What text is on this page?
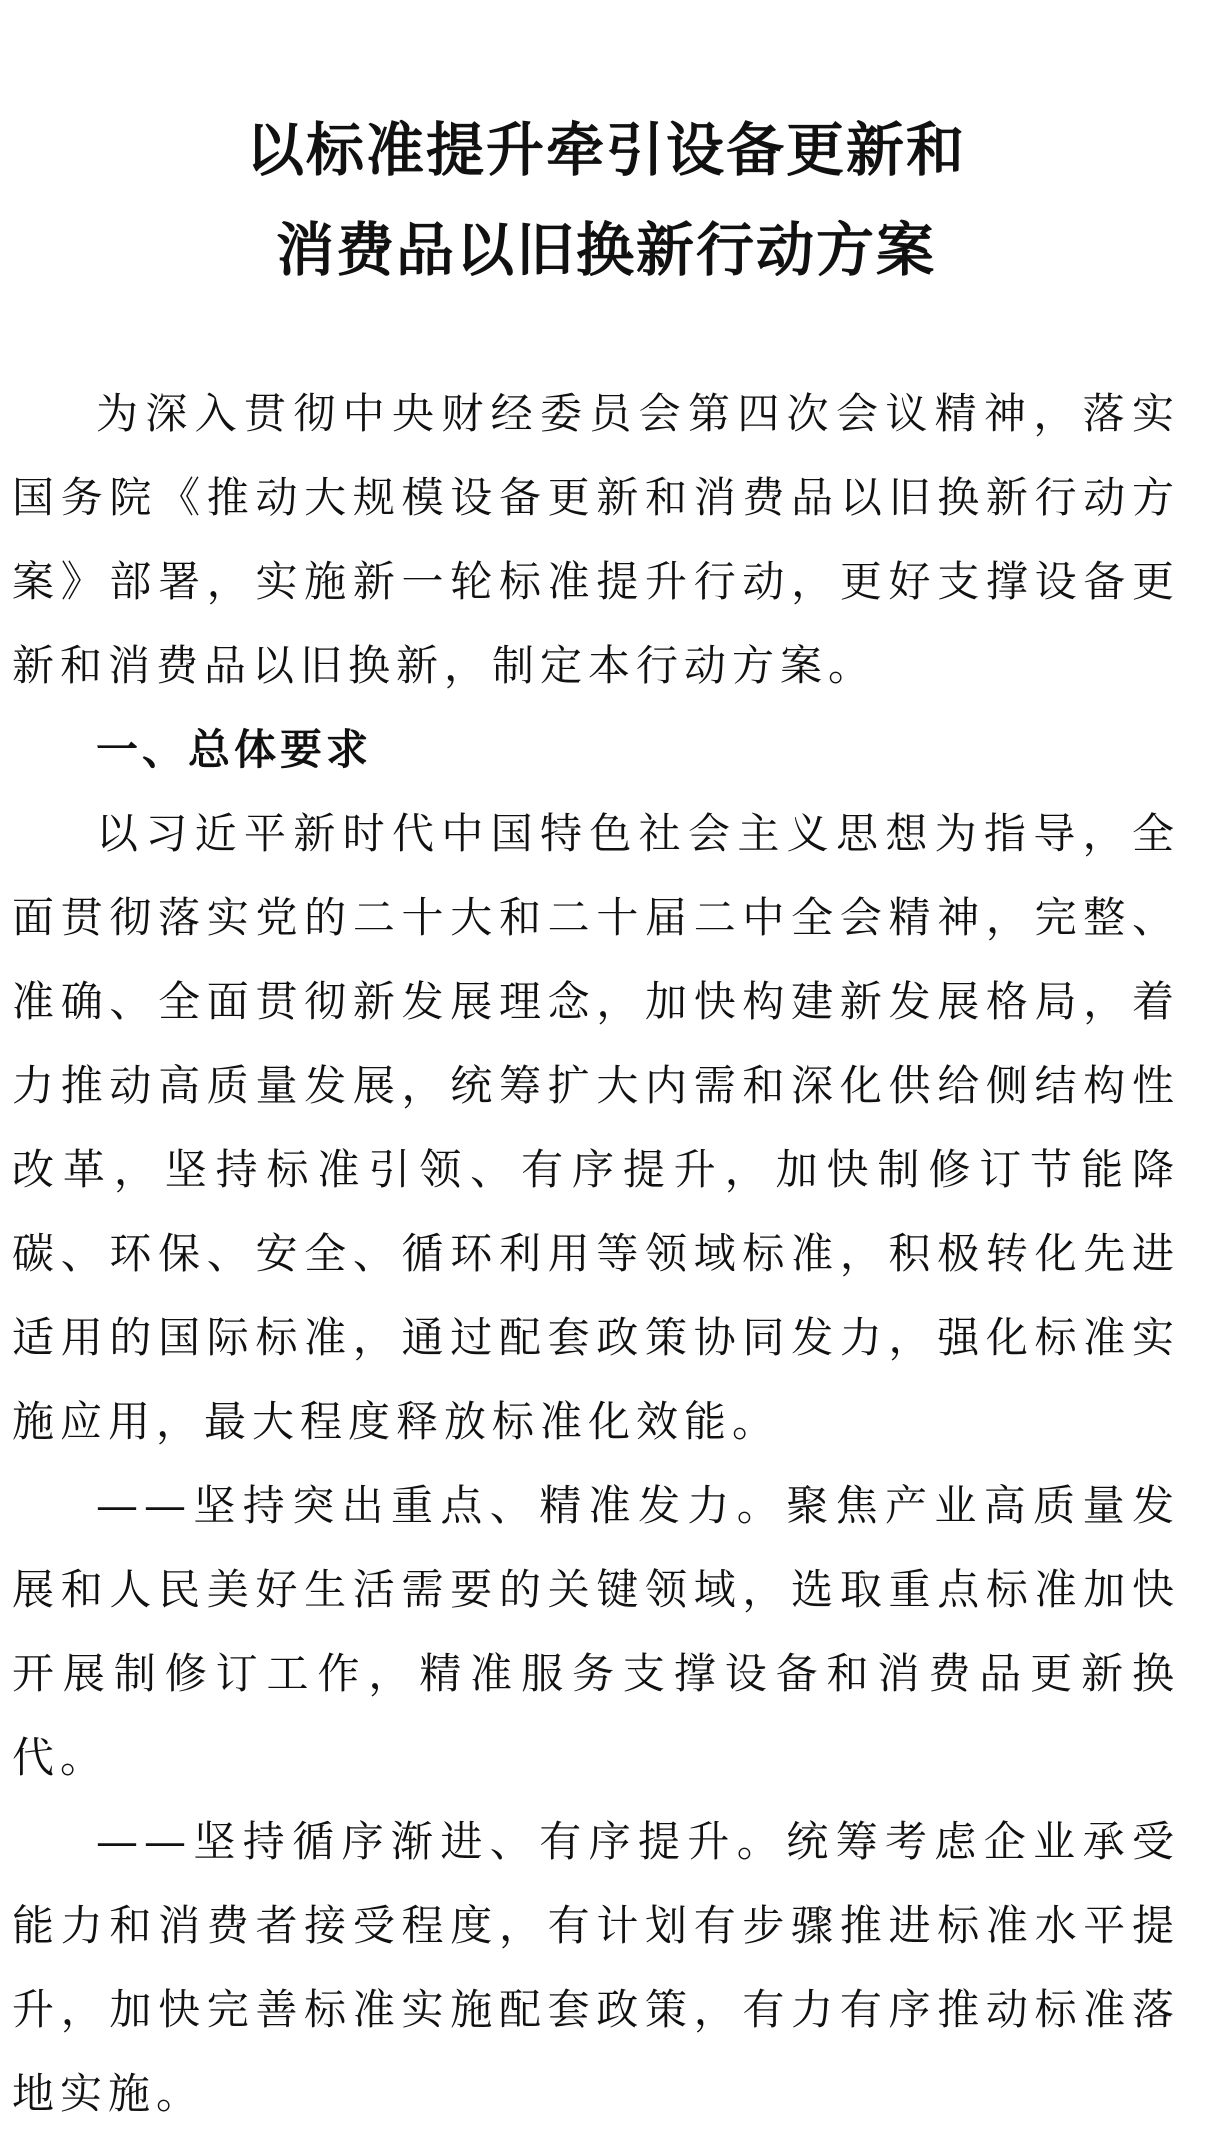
以标准提升牵引设备更新和
消费品以旧换新行动方案

为深入贯彻中央财经委员会第四次会议精神，落实国务院《推动大规模设备更新和消费品以旧换新行动方案》部署，实施新一轮标准提升行动，更好支撑设备更新和消费品以旧换新，制定本行动方案。

一、总体要求

以习近平新时代中国特色社会主义思想为指导，全面贯彻落实党的二十大和二十届二中全会精神，完整、准确、全面贯彻新发展理念，加快构建新发展格局，着力推动高质量发展，统筹扩大内需和深化供给侧结构性改革，坚持标准引领、有序提升，加快制修订节能降碳、环保、安全、循环利用等领域标准，积极转化先进适用的国际标准，通过配套政策协同发力，强化标准实施应用，最大程度释放标准化效能。

——坚持突出重点、精准发力。聚焦产业高质量发展和人民美好生活需要的关键领域，选取重点标准加快开展制修订工作，精准服务支撑设备和消费品更新换代。

——坚持循序渐进、有序提升。统筹考虑企业承受能力和消费者接受程度，有计划有步骤推进标准水平提升，加快完善标准实施配套政策，有力有序推动标准落地实施。
